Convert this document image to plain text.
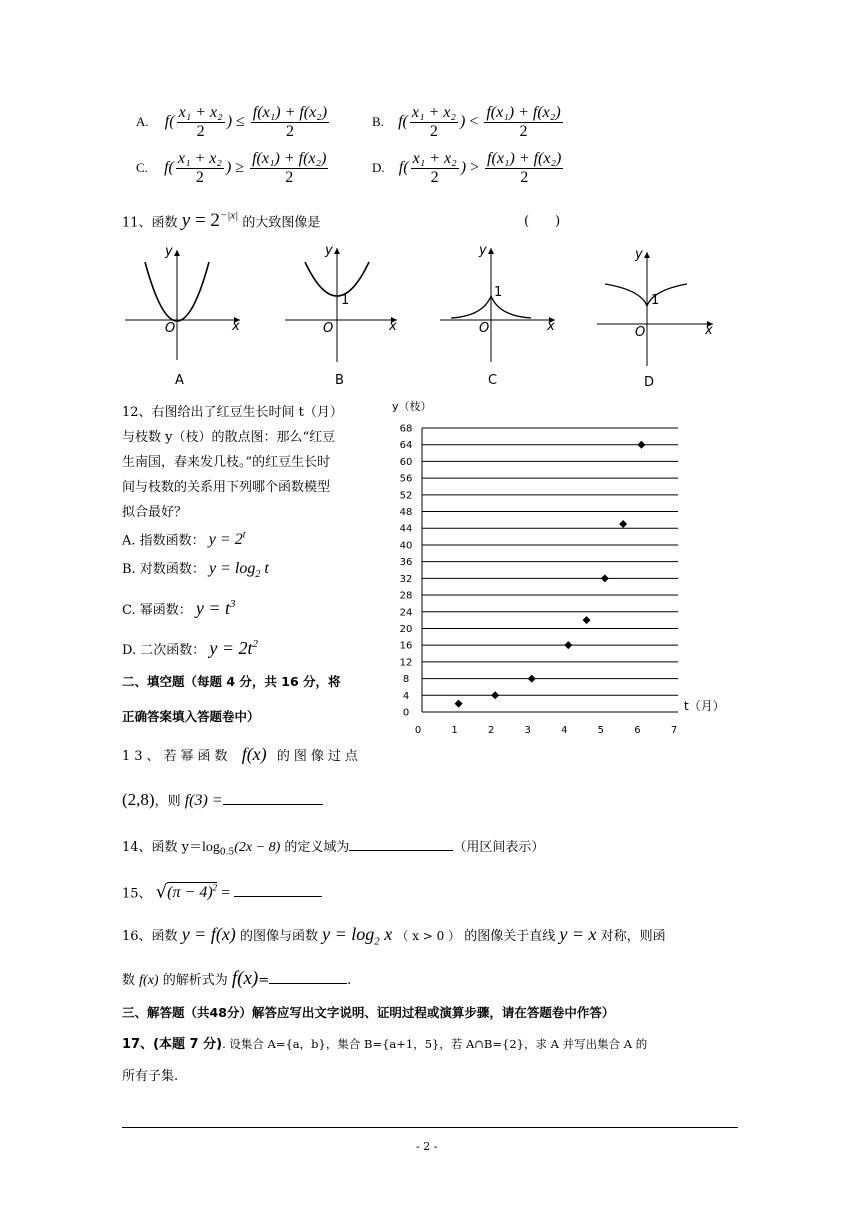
A. $f( \frac{\text{x₁ + x₂}}{2}$ ) ≤ $\frac{\text{f(x₁) + f(x₂)}}{2}$	B. $f( \frac{\text{x₁ + x₂}}{2}$ ) < $\frac{\text{f(x₁) + f(x₂)}}{2}$
C. $f( \frac{\text{x₁ + x₂}}{2}$ ) ≥ $\frac{\text{f(x₁) + f(x₂)}}{2}$	D. $f( \frac{\text{x₁ + x₂}}{2}$ ) > $\frac{\text{f(x₁) + f(x₂)}}{2}$
11、函数 $y = 2^{-|x|}$ 的大致图像是	(　　)
y
x
O
A
y
x
O
1
B
y
x
O
1
C
y
x
O
1
D
12、右图给出了红豆生长时间 t（月）
与枝数 y（枝）的散点图：那么“红豆
生南国，春来发几枝。”的红豆生长时
间与枝数的关系用下列哪个函数模型
拟合最好？
A. 指数函数： $y = 2^t$
B. 对数函数： $y = \log_2 t$
C. 幂函数： $y = t^3$
D. 二次函数： $y = 2t^2$
0
4
8
12
16
20
24
28
32
36
40
44
48
52
56
60
64
68
0	1	2	3	4	5	6	7
y（枝）
t（月）
二、填空题（每题 4 分，共 16 分，将
正确答案填入答题卷中）
13、若幂函数 f(x) 的图像过点
(2,8)，则 f(3) =
14、函数 $y=\log_{0.5}(2x - 8)$ 的定义域为	（用区间表示）
15、 $√(\pi - 4)^2$ =
16、函数 y = f(x) 的图像与函数 $y = \log_2 x$ （ x > 0 ） 的图像关于直线 y = x 对称，则函
数 f(x) 的解析式为 f(x)=	.
三、解答题（共48分）解答应写出文字说明、证明过程或演算步骤，请在答题卷中作答）
17、(本题 7 分). 设集合 A={a，b}，集合 B={a+1，5}，若 A∩B={2}，求 A 并写出集合 A 的
所有子集.
- 2 -
